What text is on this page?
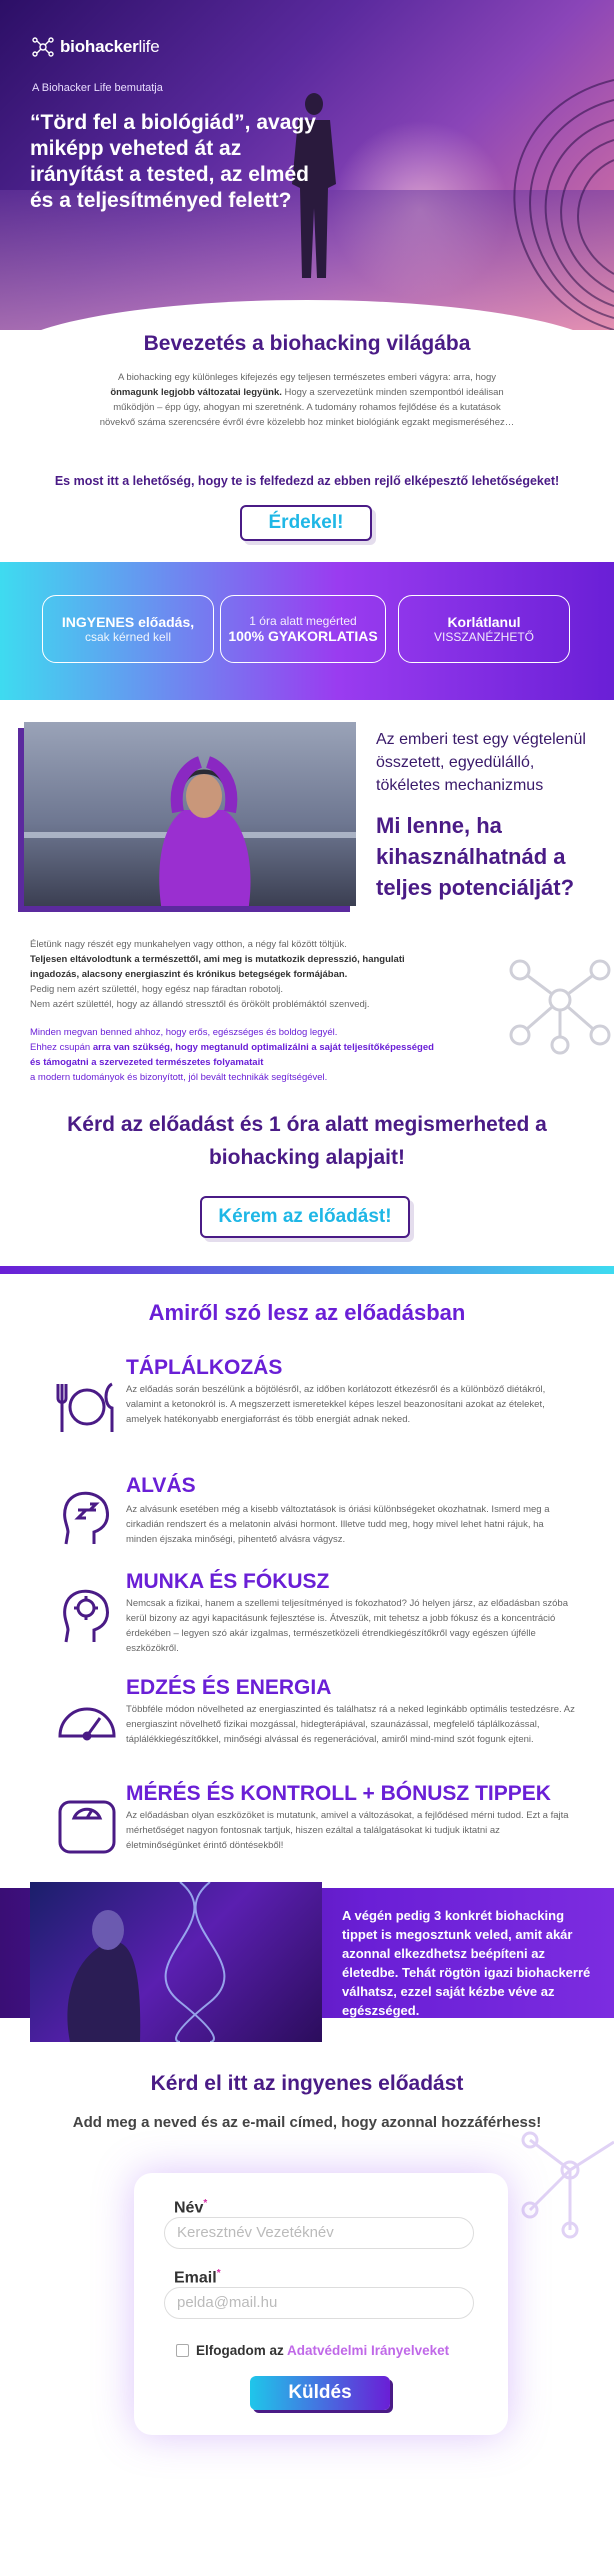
biohackerlife
A Biohacker Life bemutatja
“Törd fel a biológiád”, avagy miképp veheted át az irányítást a tested, az elméd és a teljesítményed felett?
Bevezetés a biohacking világába

A biohacking egy különleges kifejezés egy teljesen természetes emberi vágyra: arra, hogy önmagunk legjobb változatai legyünk. Hogy a szervezetünk minden szempontból ideálisan működjön – épp úgy, ahogyan mi szeretnénk. A tudomány rohamos fejlődése és a kutatások növekvő száma szerencsére évről évre közelebb hoz minket biológiánk egzakt megismeréséhez…

Es most itt a lehetőség, hogy te is felfedezd az ebben rejlő elképesztő lehetőségeket!
Érdekel!
INGYENES előadás,
csak kérned kell
1 óra alatt megérted
100% GYAKORLATIAS
Korlátlanul
VISSZANÉZHETŐ
Az emberi test egy végtelenül összetett, egyedülálló, tökéletes mechanizmus
Mi lenne, ha kihasználhatnád a teljes potenciálját?

Életünk nagy részét egy munkahelyen vagy otthon, a négy fal között töltjük.
Teljesen eltávolodtunk a természettől, ami meg is mutatkozik depresszió, hangulati ingadozás, alacsony energiaszint és krónikus betegségek formájában.
Pedig nem azért születtél, hogy egész nap fáradtan robotolj.
Nem azért születtél, hogy az állandó stressztől és örökölt problémáktól szenvedj.

Minden megvan benned ahhoz, hogy erős, egészséges és boldog legyél.
Ehhez csupán arra van szükség, hogy megtanuld optimalizálni a saját teljesítőképességed és támogatni a szervezeted természetes folyamatait
a modern tudományok és bizonyított, jól bevált technikák segítségével.

Kérd az előadást és 1 óra alatt megismerheted a biohacking alapjait!
Kérem az előadást!
Amiről szó lesz az előadásban
TÁPLÁLKOZÁS
Az előadás során beszélünk a böjtölésről, az időben korlátozott étkezésről és a különböző diétákról, valamint a ketonokról is. A megszerzett ismeretekkel képes leszel beazonosítani azokat az ételeket, amelyek hatékonyabb energiaforrást és több energiát adnak neked.
ALVÁS
Az alvásunk esetében még a kisebb változtatások is óriási különbségeket okozhatnak. Ismerd meg a cirkadián rendszert és a melatonin alvási hormont. Illetve tudd meg, hogy mivel lehet hatni rájuk, ha minden éjszaka minőségi, pihentető alvásra vágysz.
MUNKA ÉS FÓKUSZ
Nemcsak a fizikai, hanem a szellemi teljesítményed is fokozhatod? Jó helyen jársz, az előadásban szóba kerül bizony az agyi kapacitásunk fejlesztése is. Átveszük, mit tehetsz a jobb fókusz és a koncentráció érdekében – legyen szó akár izgalmas, természetközeli étrendkiegészítőkről vagy egészen újfélle eszközökről.
EDZÉS ÉS ENERGIA
Többféle módon növelheted az energiaszinted és találhatsz rá a neked leginkább optimális testedzésre. Az energiaszint növelhető fizikai mozgással, hidegterápiával, szaunázással, megfelelő táplálkozással, táplálékkiegészítőkkel, minőségi alvással és regenerációval, amiről mind-mind szót fogunk ejteni.
MÉRÉS ÉS KONTROLL + BÓNUSZ TIPPEK
Az előadásban olyan eszközöket is mutatunk, amivel a változásokat, a fejlődésed mérni tudod. Ezt a fajta mérhetőséget nagyon fontosnak tartjuk, hiszen ezáltal a találgatásokat ki tudjuk iktatni az életminőségünket érintő döntésekből!
A végén pedig 3 konkrét biohacking tippet is megosztunk veled, amit akár azonnal elkezdhetsz beépíteni az életedbe. Tehát rögtön igazi biohackerré válhatsz, ezzel saját kézbe véve az egészséged.
Kérd el itt az ingyenes előadást
Add meg a neved és az e-mail címed, hogy azonnal hozzáférhess!
Név*
Keresztnév Vezetéknév
Email*
pelda@mail.hu
Elfogadom az Adatvédelmi Irányelveket
Küldés
